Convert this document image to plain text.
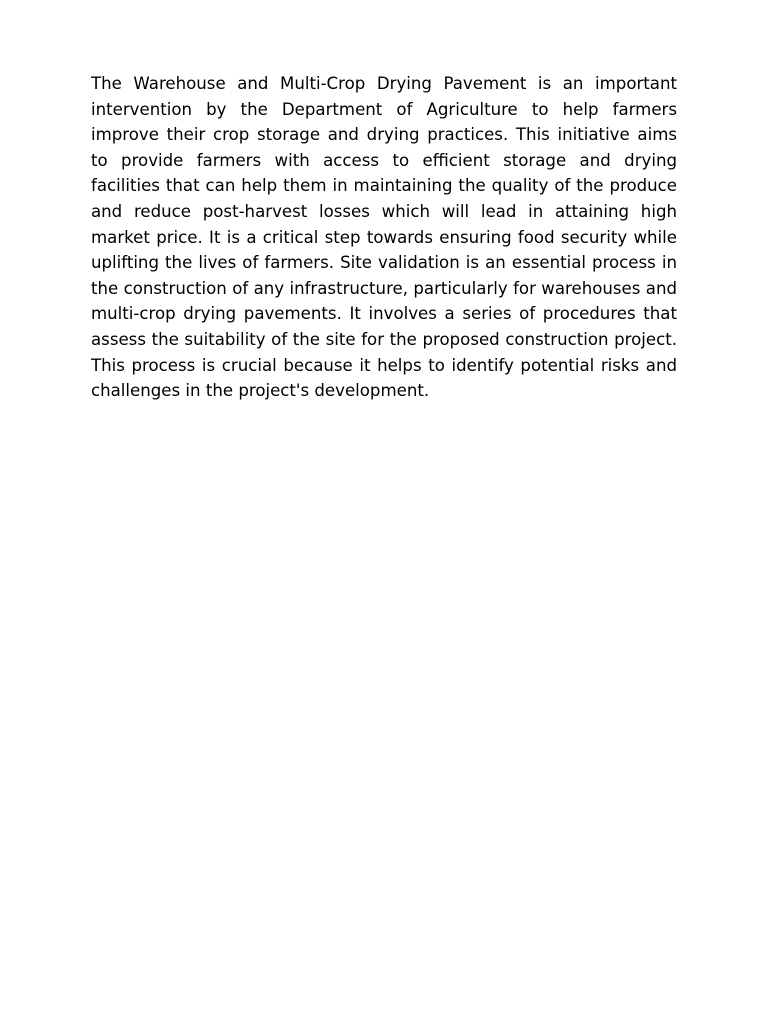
The Warehouse and Multi-Crop Drying Pavement is an important intervention by the Department of Agriculture to help farmers improve their crop storage and drying practices. This initiative aims to provide farmers with access to efficient storage and drying facilities that can help them in maintaining the quality of the produce and reduce post-harvest losses which will lead in attaining high market price. It is a critical step towards ensuring food security while uplifting the lives of farmers. Site validation is an essential process in the construction of any infrastructure, particularly for warehouses and multi-crop drying pavements. It involves a series of procedures that assess the suitability of the site for the proposed construction project. This process is crucial because it helps to identify potential risks and challenges in the project's development.
